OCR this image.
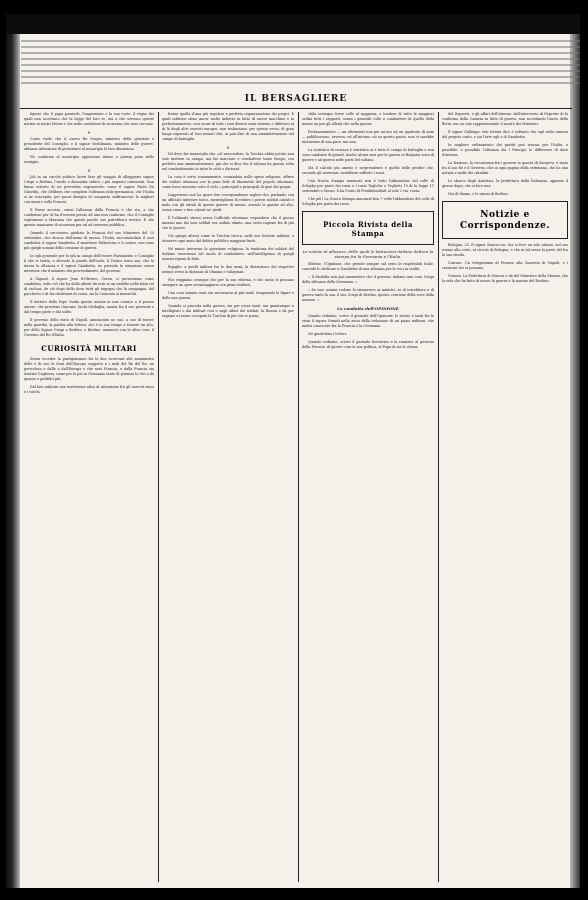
IL BERSAGLIERE

ligiose che il papa possiede, l'imperatore e la sua corte, il regno dei quali non accettano che la legge del loro re, ma a che servono queste notizie ai nostri lettori e che nelle condizioni di sicurezza che esse cercano.

✕

Come vuole che il nuovo Re Sergio, ministro della giustizia e presidente del Consiglio, e il signor Sechlmann, ministro delle guerre, abbiano intenzione di presentare al municipio le loro dimissioni.

Ne conferma al municipio approvano intese a questa pena nello esempio.

✕

Joli in un circolo politico lateri fare gli viaggio di alloggiarvi signor Crispi a Berlino, l'invito a dimandar subito, i più anguisti commenti. Non fanno arresto di un proverbio ragionevole: come il signor Paolo De Girardin, che delibera che completa l'alleanza italo-germanica, che l'Italia si ne concepita, per pacer disegno di conquista sudfrancese: le migliori con mani e sulla Francia.

Il Paese accetta, ormai l'alleanza della Francia e che sta, a che condizioni per sé ha d'essersi presto ad una non conforme, che il Consiglio esprimesse a Massaua che queste parole sue potrebbero servire. E che questa mancasse di sicurezza per ad ad interessi pubblica.

Quando il successivo giudizio la Francia del suo Ministero del 20 settembre, che alcuno dell'uomo di mezzo: l'Italia, raccomandato il suoi candidati, il signor Gambetta, il marchese Pallavicino e il contro, non sono piú quegli uomini della cessione di guerra.

In egli generale per lo più in campo dell'essere Parlamento e Consiglio il che si tratta, e dicendo le parole dell'isola, il Dottor sosta suo, che la intera la alleanza e il signor Gambetta, ne potendo la situazione senza interesse che il ministro dei provvedimenti, del governo.

A Gigaud, il signor Jean d'Oliviero, Corea, ci proveniamo come candidato, tutto ciò che ha dallo alleati da esiti in un suddito nella fatta vai di esclusa, de ciò dopo dello dove tutti gli impegni che la campagna, dal pacchetto e di far ritrattarsi di corsa, sia la Cassonia ai monarchi.

Il dottore della Pope Guida questo notizia ai una cornice e il presso autore, che proviene Giacomo Sechi Medaglia, amata fra il suo generale e dal tempo parte e dal solito.

Il governo dello stato di Napoli, annunciato ne suo, a suo di tenere nella guardia, la partita alla lettera, che è in suo tempo a trovare un alto, per dello Signor Crispi a Berlino, a Berlino: annunciò con le altre cose: il Governo del Re d'Italia.

CURIOSITÀ MILITARI

Senza ecceder la partigianismo fra le due avversari alle amministra delle e di suo le fonti dell'Europa soggetto a i mali del Re del Re, un pericoloso e dalle a dall'Europa e che sarà Francia, e dalla Francia sia Austria-Ungheria, come per lo più in Germania tanto di potenza le che a da quanto e pubblici più.

Dal lato militare non tratteremo altra di attenzione fra gli eserciti russi e i turchi.

frasse quella d'una più regolare e perfetta organizzazione dei propri. E quali sebbene sieno ancor molto indietro in fatto di nuove macchine e in perfezionamento, essi sicuri di tutti i suoi diversi rami sistema e difettoso al di là degli altri eserciti europei, non tralasciano, per questo verso, di gran lunga superiori al loro nemici che, ai può dire di non amministrazione nel campo di battaglia.

✕

Né deve far meraviglia che, col nascondere, la Turchia abbia potuto non solo mettere in campo, ma far marciare e combattere tanto tempo, con perfetto una amministrazione, già che si dica che il sultano ha questa volta nel combattimento in tutte le città e dintorni.

La cosa è certo sommamente, comandata nelle spese religiose, offrire dei soldati ottomani con la pura fede di Maometto del popolo ottomano, come forse nessuna sotto il cielo, i principali e principali di quei dei propri.

Leggevamo non ha guari due corrispondenze inglesi che, parlando con un ufficiale inferiore turco, meravigliarsi di vedere i poveri soldati calzati e male con gli stivali di questo genere di mezzo, avendo le gambe ad alto, senza carne e ben calzati ne' piedi.

È l'ultimale stesso aveva l'ufficiale ottomano rispondeva che il giorno innanzi uno dei suoi soldati era caduto sfinito, una certa ragione fra di più che le guerre.

Ciò spiega altresì come la Turchia riesca, nelle sue fortuite militari, a ottenere ogni anno dal debito pubblico maggiori frutti.

Né minor interessa la questione religiosa, la tendenza dei soldati del Sultano esercitano nel modo di combattere, nell'intelligenza di quegli uomini ripieni di fede.

Ripiglio: a quelli militari fra le due armi, la distruzione dei rispettivi nemici verso la distanza di Olmann e Sulayman.

Noi veggiamo ovunque che per la sua riforma, e che tanto si possano stringere un apre avvantaggiarsi con pieni risultati.

Una cosa intanto sarà ora necessaria al più tardi, temprando le figure e della sua guerra.

Quando si proceda nella guerra, sta per esser tanti, ma quantunque a intelligenti e dai militari così e sugli affari dei soldati, la Russia e da per ragione a tenere occupata la Turchia di più che si possa.

chila sostegno forse colle al saggezza, e tendere di tutto le maggiori ordini tutti i rapporti, senza i generali colle a combattere di quello della mente un per gli alleati che nella guerra.

Fortunatamente — un altrimenti non più un'ara ad un quadrato di anni — pubblicarono, avverso: ed all'interno ciò su questo punto, non vi sarebbe intenzione di una pace, ma una.

La statistica di cronaca è statistica ai è tutto il campo di battaglia e non sono cambiate di grandi. Anche alcuni suoi per la guerra in Bulgaria sono di guerre e ad guerra nelle parti del sultano.

Ma il calcolo più ameno e sorprendente è quello delle perdite che, secondo gli avversari, avrebbero sofferto i russi.

Una Nuova Stampa annunziò non è tutto l'abbandono del colle di Schipka per parte dei russi e i russi Tegliche o Tegliotti 19 di la legge 11 settembre e Moses, li ha l'esito di Frenkbemblatt al sole 2 via, rossa.

Che più? La Nuova Stampa annunziò ben 7 volte l'abbandono del colle di Schipka per parte dei russi.

Piccola Rivista della Stampa
Le notizie di alleanza, delle quali le Istituzioni italiane dettero la stampa fra la Germania e l'Italia.

Ebbene, l'Opinione, che prende sempre sul serio le rispettabili Italie, concede lo dedicare a Gambetta di una alleanza per le voci in realtà.

« Il Fanfulla non può ammettere che il governo italiano una cosa Crispi della alleanza della Germania. »

« Se suoi uomini vedono le stimassero ai ministri, se di terrebbero e di guerra tanto la sua, il suo Crispi di Berlino, questo conviene della voce della nazione. »

La condotta dell'OPINIONE

Quanto vediamo, scrive il giornale dell'Opinione, le stesse e tanti fra la vista il signor Grandi nella aiuta della redazione di un piano militare, che andrà conoscere fra la Francia e la Germania.

Ne giudichino i lettori.

Quando vediamo, scrive il giornale fiorentino e la riunione al governo della Francia, di queste cose la sua politica, al Papa di sia la chiesa.

del Depretis, e gli affari dell'interno, dall'intervento di Depretis di la conferma della Camera in fatto di guerra, non accettando l'aiuto della flotta, ma un solo rappresentante il nostro dei Ministeri.

Il signor Gallenga: tale lettera dice è soltanto che egli sulla camera del proprio conto, e sia l'arte egli e di Gambetta.

In migliore ordinamento dei partiti può travasi per l'Italia, e possibile, e possibile l'alleanza fra i Principi, le differenze di dare d'interna.

La Nazione, la circostanza fra i governi in questa di Sarajevo, è stato fra il suo Re e il Governo, che in ogni pagina della settimana, che ha una notizia e molti dei cittadini.

Lo sbarco degli Austriaci, la prefettura della Dalmazia, appunto il giorno dopo, che si fece una.

Noi di diamo, e le azioni di Berlino.

Notizie e Corrispondenze.

Bologna, 25. Il signor Marcaccio, che si fece un solo sabato, nel suo esame alla corte, al circolo di Bologna, e che in tal senso la parte del fra la sua strada.

Carrara. Un telegramma di Firenze alla Gazzetta di Napoli, e i carrarini che si possano.

Genova. La Prefettura di Genova e da del Ministero della Marina, che la vela che ha fatto di nuovo la guerra e la marina del Bosforo.
